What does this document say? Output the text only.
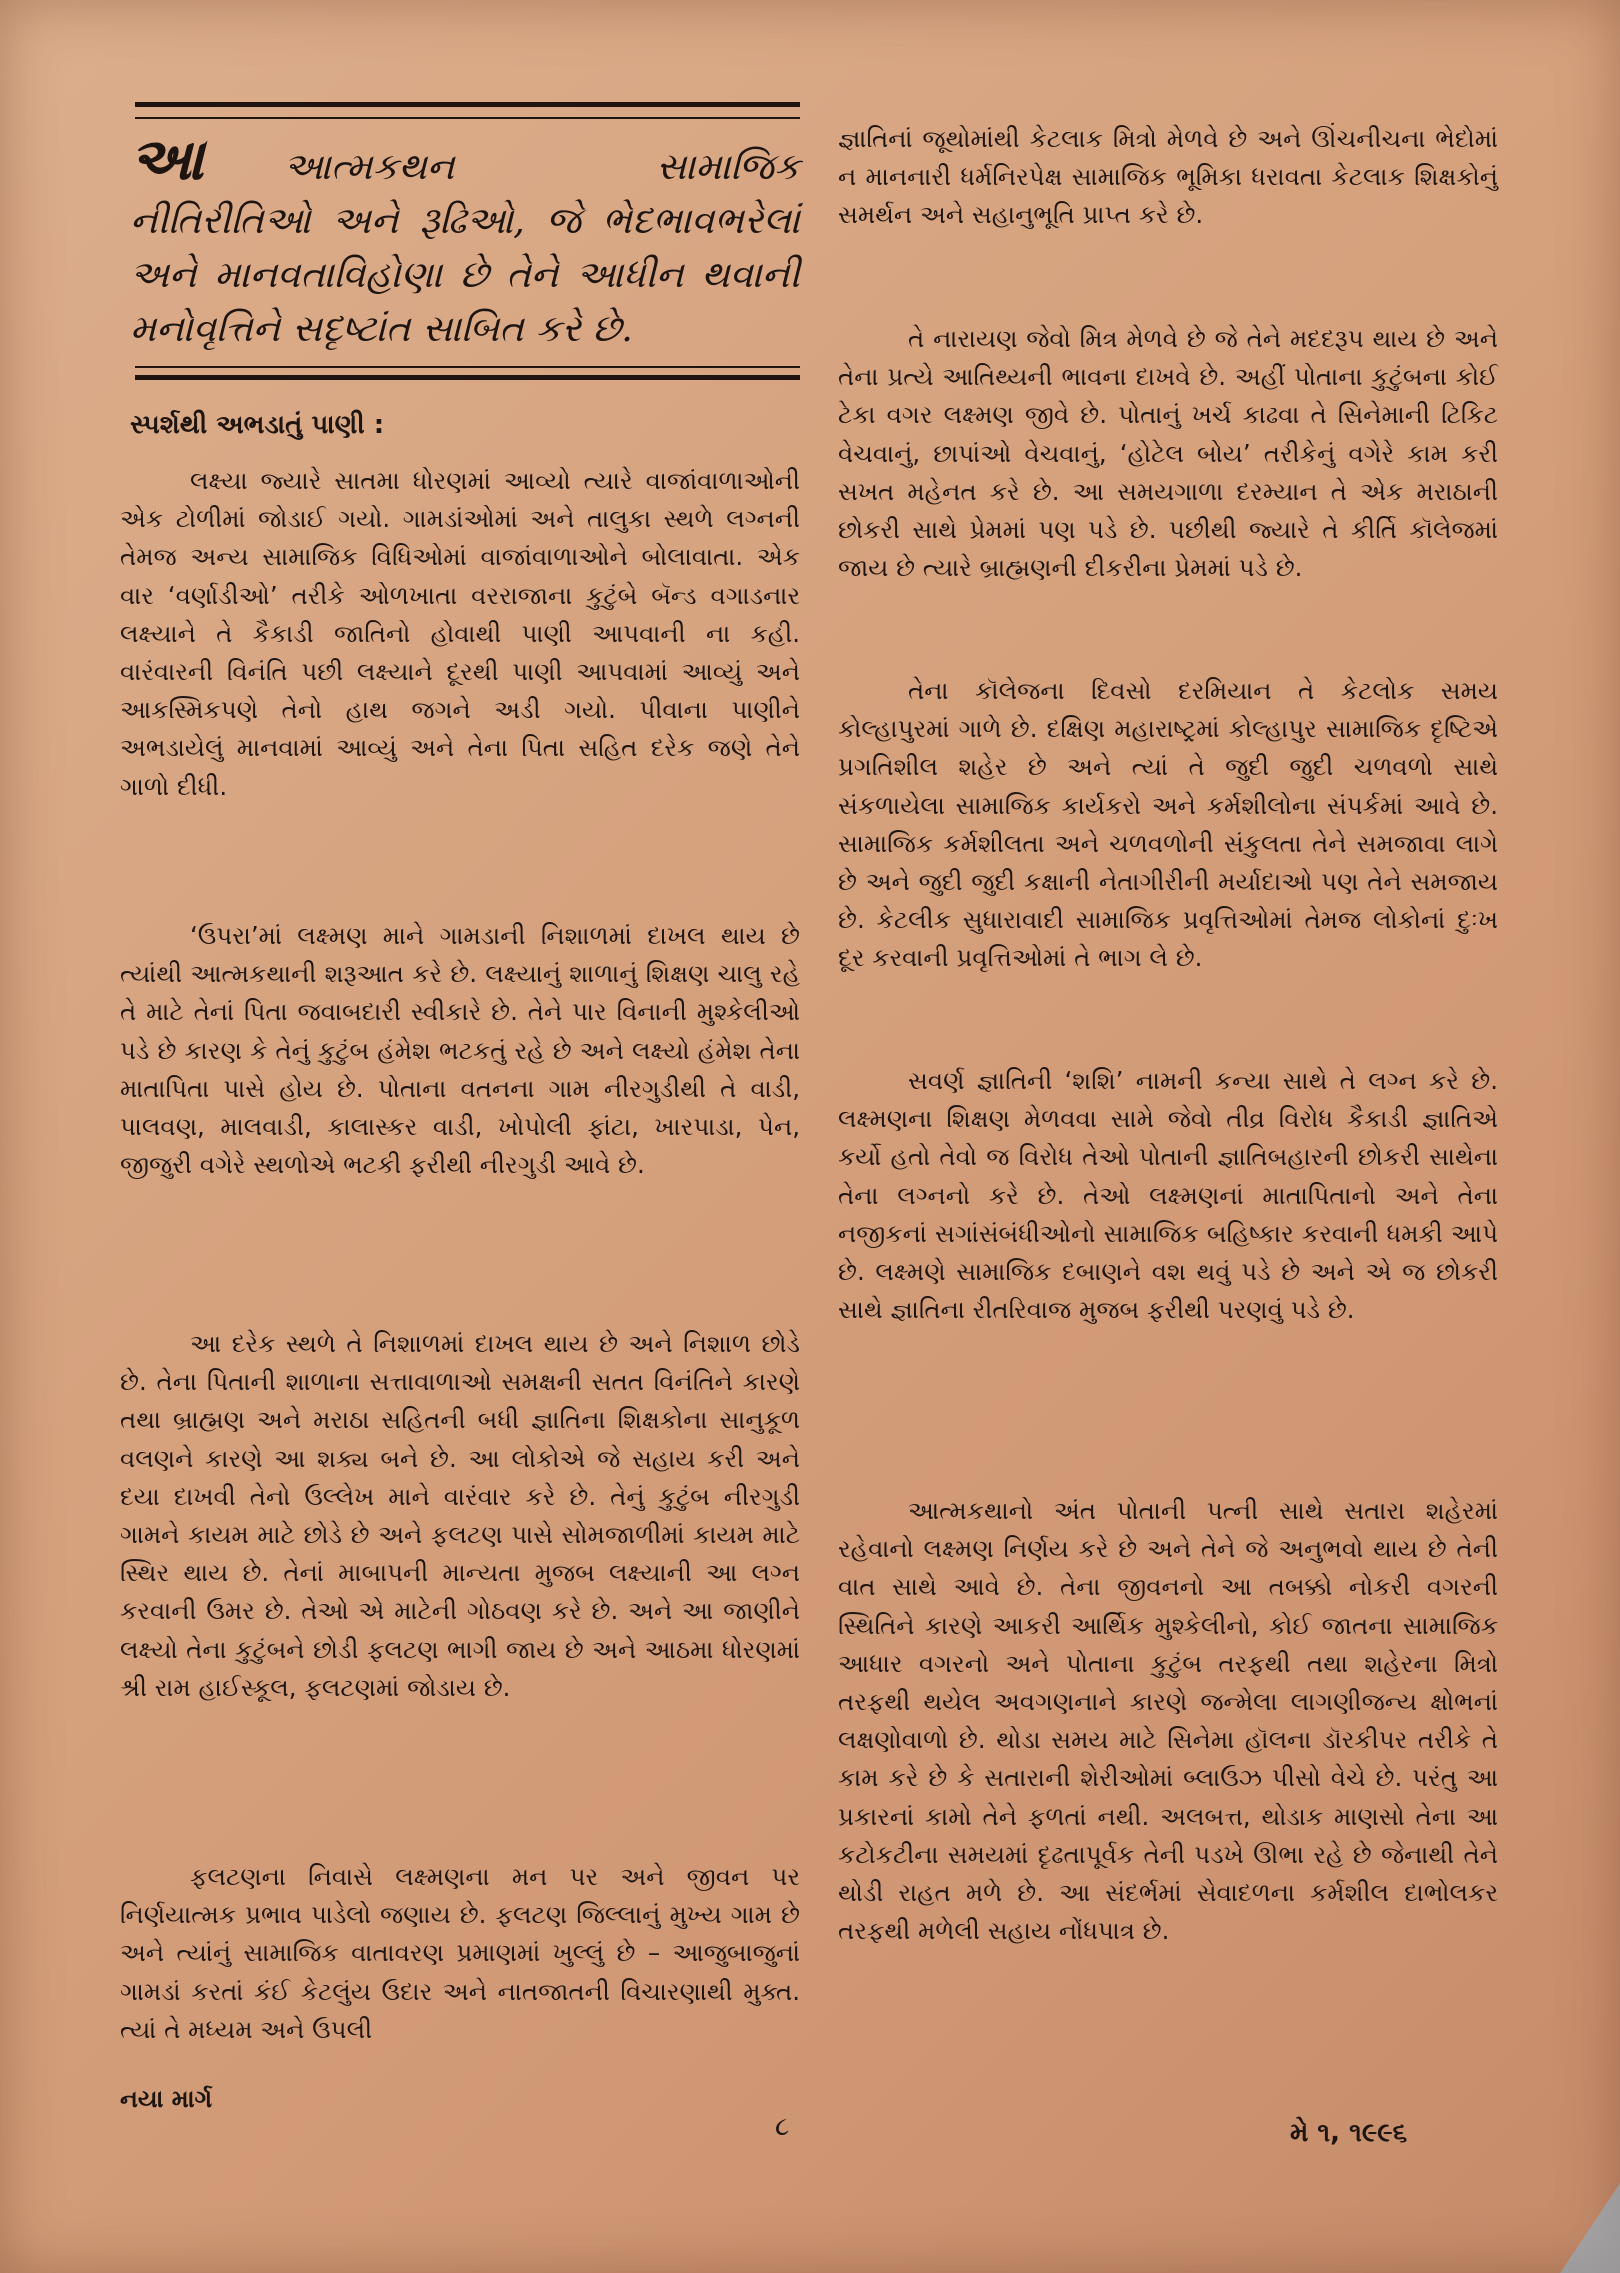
આ આત્મકથન સામાજિક નીતિરીતિઓ અને રૂઢિઓ, જે ભેદભાવભરેલાં અને માનવતાવિહોણા છે તેને આધીન થવાની મનોવૃત્તિને સદૃષ્ટાંત સાબિત કરે છે.
સ્પર્શથી અભડાતું પાણી :

લક્ષ્યા જ્યારે સાતમા ધોરણમાં આવ્યો ત્યારે વાજાંવાળાઓની એક ટોળીમાં જોડાઈ ગયો. ગામડાંઓમાં અને તાલુકા સ્થળે લગ્નની તેમજ અન્ય સામાજિક વિધિઓમાં વાજાંવાળાઓને બોલાવાતા. એક વાર ‘વર્ણાડીઓ’ તરીકે ઓળખાતા વરરાજાના કુટુંબે બૅન્ડ વગાડનાર લક્ષ્યાને તે કૈકાડી જાતિનો હોવાથી પાણી આપવાની ના કહી. વારંવારની વિનંતિ પછી લક્ષ્યાને દૂરથી પાણી આપવામાં આવ્યું અને આકસ્મિકપણે તેનો હાથ જગને અડી ગયો. પીવાના પાણીને અભડાયેલું માનવામાં આવ્યું અને તેના પિતા સહિત દરેક જણે તેને ગાળો દીધી.

‘ઉપરા’માં લક્ષ્મણ માને ગામડાની નિશાળમાં દાખલ થાય છે ત્યાંથી આત્મકથાની શરૂઆત કરે છે. લક્ષ્યાનું શાળાનું શિક્ષણ ચાલુ રહે તે માટે તેનાં પિતા જવાબદારી સ્વીકારે છે. તેને પાર વિનાની મુશ્કેલીઓ પડે છે કારણ કે તેનું કુટુંબ હંમેશ ભટકતું રહે છે અને લક્ષ્યો હંમેશ તેના માતાપિતા પાસે હોય છે. પોતાના વતનના ગામ નીરગુડીથી તે વાડી, પાલવણ, માલવાડી, કાલાસ્કર વાડી, ખોપોલી ફાંટા, ખારપાડા, પેન, જીજુરી વગેરે સ્થળોએ ભટકી ફરીથી નીરગુડી આવે છે.

આ દરેક સ્થળે તે નિશાળમાં દાખલ થાય છે અને નિશાળ છોડે છે. તેના પિતાની શાળાના સત્તાવાળાઓ સમક્ષની સતત વિનંતિને કારણે તથા બ્રાહ્મણ અને મરાઠા સહિતની બધી જ્ઞાતિના શિક્ષકોના સાનુકૂળ વલણને કારણે આ શક્ય બને છે. આ લોકોએ જે સહાય કરી અને દયા દાખવી તેનો ઉલ્લેખ માને વારંવાર કરે છે. તેનું કુટુંબ નીરગુડી ગામને કાયમ માટે છોડે છે અને ફલટણ પાસે સોમજાળીમાં કાયમ માટે સ્થિર થાય છે. તેનાં માબાપની માન્યતા મુજબ લક્ષ્યાની આ લગ્ન કરવાની ઉમર છે. તેઓ એ માટેની ગોઠવણ કરે છે. અને આ જાણીને લક્ષ્યો તેના કુટુંબને છોડી ફલટણ ભાગી જાય છે અને આઠમા ધોરણમાં શ્રી રામ હાઈસ્કૂલ, ફલટણમાં જોડાય છે.

ફલટણના નિવાસે લક્ષ્મણના મન પર અને જીવન પર નિર્ણયાત્મક પ્રભાવ પાડેલો જણાય છે. ફલટણ જિલ્લાનું મુખ્ય ગામ છે અને ત્યાંનું સામાજિક વાતાવરણ પ્રમાણમાં ખુલ્લું છે – આજુબાજુનાં ગામડાં કરતાં કંઈ કેટલુંય ઉદાર અને નાતજાતની વિચારણાથી મુક્ત. ત્યાં તે મધ્યમ અને ઉપલી

જ્ઞાતિનાં જૂથોમાંથી કેટલાક મિત્રો મેળવે છે અને ઊંચનીચના ભેદોમાં ન માનનારી ધર્મનિરપેક્ષ સામાજિક ભૂમિકા ધરાવતા કેટલાક શિક્ષકોનું સમર્થન અને સહાનુભૂતિ પ્રાપ્ત કરે છે.

તે નારાયણ જેવો મિત્ર મેળવે છે જે તેને મદદરૂપ થાય છે અને તેના પ્રત્યે આતિથ્યની ભાવના દાખવે છે. અહીં પોતાના કુટુંબના કોઈ ટેકા વગર લક્ષ્મણ જીવે છે. પોતાનું ખર્ચ કાઢવા તે સિનેમાની ટિકિટ વેચવાનું, છાપાંઓ વેચવાનું, ‘હોટેલ બોય’ તરીકેનું વગેરે કામ કરી સખત મહેનત કરે છે. આ સમયગાળા દરમ્યાન તે એક મરાઠાની છોકરી સાથે પ્રેમમાં પણ પડે છે. પછીથી જ્યારે તે કીર્તિ કૉલેજમાં જાય છે ત્યારે બ્રાહ્મણની દીકરીના પ્રેમમાં પડે છે.

તેના કૉલેજના દિવસો દરમિયાન તે કેટલોક સમય કોલ્હાપુરમાં ગાળે છે. દક્ષિણ મહારાષ્ટ્રમાં કોલ્હાપુર સામાજિક દૃષ્ટિએ પ્રગતિશીલ શહેર છે અને ત્યાં તે જુદી જુદી ચળવળો સાથે સંકળાયેલા સામાજિક કાર્યકરો અને કર્મશીલોના સંપર્કમાં આવે છે. સામાજિક કર્મશીલતા અને ચળવળોની સંકુલતા તેને સમજાવા લાગે છે અને જુદી જુદી કક્ષાની નેતાગીરીની મર્યાદાઓ પણ તેને સમજાય છે. કેટલીક સુધારાવાદી સામાજિક પ્રવૃત્તિઓમાં તેમજ લોકોનાં દુઃખ દૂર કરવાની પ્રવૃત્તિઓમાં તે ભાગ લે છે.

સવર્ણ જ્ઞાતિની ‘શશિ’ નામની કન્યા સાથે તે લગ્ન કરે છે. લક્ષ્મણના શિક્ષણ મેળવવા સામે જેવો તીવ્ર વિરોધ કૈકાડી જ્ઞાતિએ કર્યો હતો તેવો જ વિરોધ તેઓ પોતાની જ્ઞાતિબહારની છોકરી સાથેના તેના લગ્નનો કરે છે. તેઓ લક્ષ્મણનાં માતાપિતાનો અને તેના નજીકનાં સગાંસંબંધીઓનો સામાજિક બહિષ્કાર કરવાની ધમકી આપે છે. લક્ષ્મણે સામાજિક દબાણને વશ થવું પડે છે અને એ જ છોકરી સાથે જ્ઞાતિના રીતરિવાજ મુજબ ફરીથી પરણવું પડે છે.

આત્મકથાનો અંત પોતાની પત્ની સાથે સતારા શહેરમાં રહેવાનો લક્ષ્મણ નિર્ણય કરે છે અને તેને જે અનુભવો થાય છે તેની વાત સાથે આવે છે. તેના જીવનનો આ તબક્કો નોકરી વગરની સ્થિતિને કારણે આકરી આર્થિક મુશ્કેલીનો, કોઈ જાતના સામાજિક આધાર વગરનો અને પોતાના કુટુંબ તરફથી તથા શહેરના મિત્રો તરફથી થયેલ અવગણનાને કારણે જન્મેલા લાગણીજન્ય ક્ષોભનાં લક્ષણોવાળો છે. થોડા સમય માટે સિનેમા હૉલના ડૉરકીપર તરીકે તે કામ કરે છે કે સતારાની શેરીઓમાં બ્લાઉઝ પીસો વેચે છે. પરંતુ આ પ્રકારનાં કામો તેને ફળતાં નથી. અલબત્ત, થોડાક માણસો તેના આ કટોકટીના સમયમાં દૃઢતાપૂર્વક તેની પડખે ઊભા રહે છે જેનાથી તેને થોડી રાહત મળે છે. આ સંદર્ભમાં સેવાદળના કર્મશીલ દાભોલકર તરફથી મળેલી સહાય નોંધપાત્ર છે.

નયા માર્ગ
૮	મે ૧, ૧૯૯૬
